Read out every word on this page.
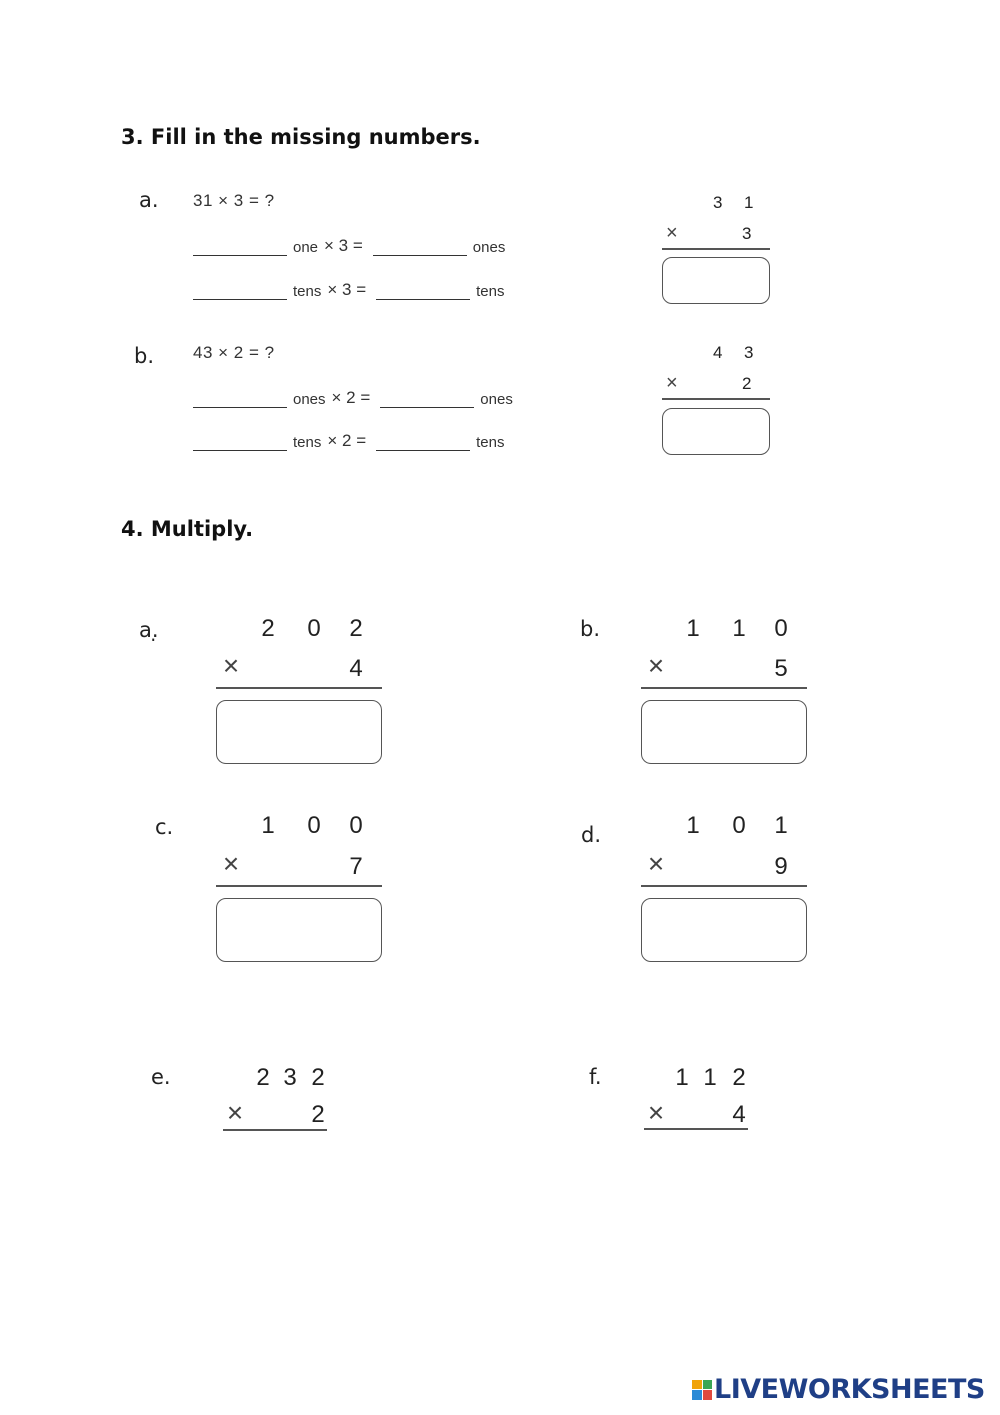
3. Fill in the missing numbers.
a. 31 × 3 = ?
one × 3 =	ones
tens × 3 =	tens
3 1
×	3
b. 43 × 2 = ?
ones × 2 =	ones
tens × 2 =	tens
4 3
×	2
4. Multiply.
a.̣	2	0	2
×	4
b.	1	1	0
×	5
c.	1	0	0
×	7
d.	1	0	1
×	9
e.	2 3 2
×	2
f.	1 1 2
×	4
LIVEWORKSHEETS
